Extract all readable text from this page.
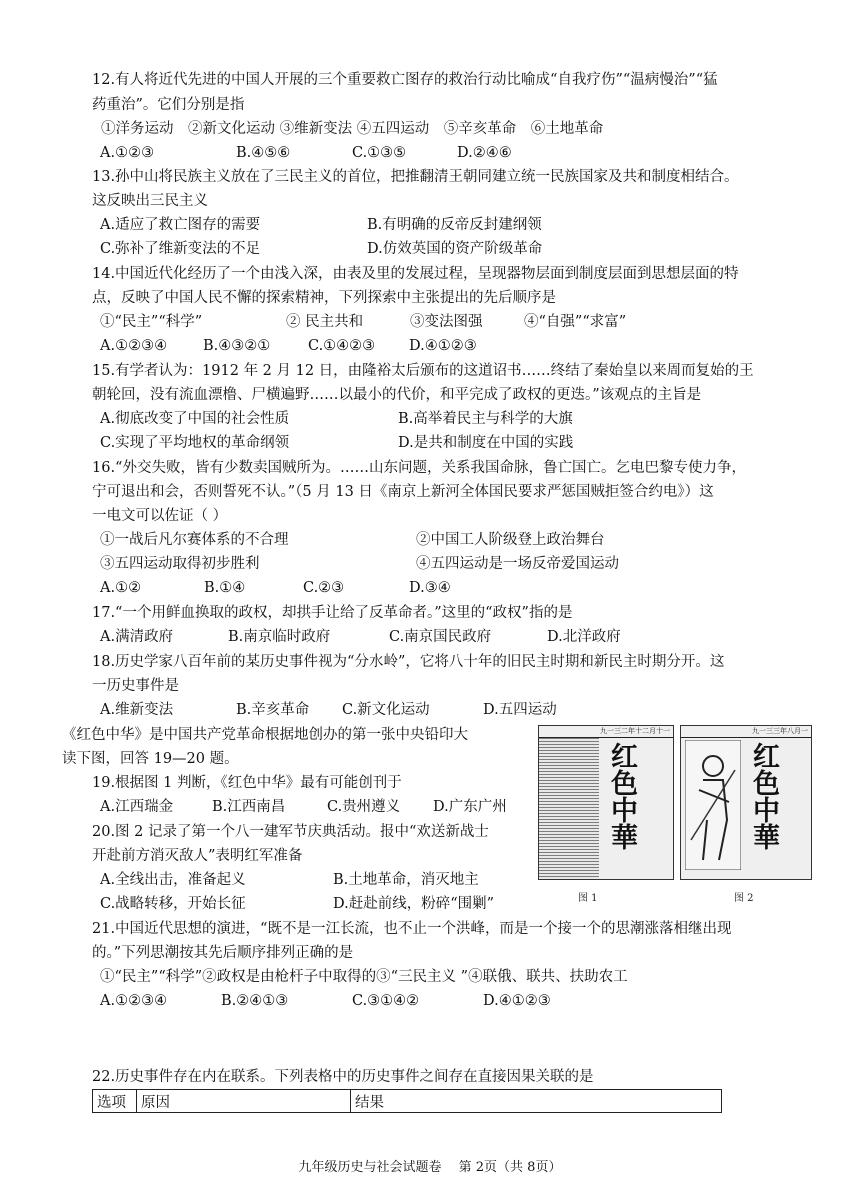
12.有人将近代先进的中国人开展的三个重要救亡图存的救治行动比喻成“自我疗伤”“温病慢治”“猛
药重治”。它们分别是指
①洋务运动　②新文化运动 ③维新变法 ④五四运动　⑤辛亥革命　⑥土地革命
A.①②③	B.④⑤⑥	C.①③⑤	D.②④⑥
13.孙中山将民族主义放在了三民主义的首位，把推翻清王朝同建立统一民族国家及共和制度相结合。
这反映出三民主义
A.适应了救亡图存的需要	B.有明确的反帝反封建纲领
C.弥补了维新变法的不足	D.仿效英国的资产阶级革命
14.中国近代化经历了一个由浅入深，由表及里的发展过程，呈现器物层面到制度层面到思想层面的特
点，反映了中国人民不懈的探索精神，下列探索中主张提出的先后顺序是
①“民主”“科学”	② 民主共和	③变法图强	④“自强”“求富”
A.①②③④ B.④③②①	C.①④②③ D.④①②③
15.有学者认为：1912 年 2 月 12 日，由隆裕太后颁布的这道诏书……终结了秦始皇以来周而复始的王
朝轮回，没有流血漂橹、尸横遍野……以最小的代价，和平完成了政权的更迭。”该观点的主旨是
A.彻底改变了中国的社会性质	B.高举着民主与科学的大旗
C.实现了平均地权的革命纲领	D.是共和制度在中国的实践
16.“外交失败，皆有少数卖国贼所为。……山东问题，关系我国命脉，鲁亡国亡。乞电巴黎专使力争，
宁可退出和会，否则誓死不认。”（5 月 13 日《南京上新河全体国民要求严惩国贼拒签合约电》）这
一电文可以佐证（ ）
①一战后凡尔赛体系的不合理	②中国工人阶级登上政治舞台
③五四运动取得初步胜利	④五四运动是一场反帝爱国运动
A.①②	B.①④	C.②③	D.③④
17.“一个用鲜血换取的政权，却拱手让给了反革命者。”这里的“政权”指的是
A.满清政府	B.南京临时政府	C.南京国民政府	D.北洋政府
18.历史学家八百年前的某历史事件视为“分水岭”，它将八十年的旧民主时期和新民主时期分开。这
一历史事件是
A.维新变法	B.辛亥革命 C.新文化运动	D.五四运动
《红色中华》是中国共产党革命根据地创办的第一张中央铅印大
读下图，回答 19—20 题。
19.根据图 1 判断，《红色中华》最有可能创刊于
A.江西瑞金	B.江西南昌	C.贵州遵义 D.广东广州
20.图 2 记录了第一个八一建军节庆典活动。报中“欢送新战士
开赴前方消灭敌人”表明红军准备
A.全线出击，准备起义	B.土地革命，消灭地主
C.战略转移，开始长征	D.赶赴前线，粉碎“围剿”
九一三二年十二月十一
红色中華
九一三三年八月一
红色中華
图 1	图 2
21.中国近代思想的演进，“既不是一江长流，也不止一个洪峰，而是一个接一个的思潮涨落相继出现
的。”下列思潮按其先后顺序排列正确的是
①“民主”“科学”②政权是由枪杆子中取得的③“三民主义 ”④联俄、联共、扶助农工
A.①②③④	B.②④①③	C.③①④②	D.④①②③
22.历史事件存在内在联系。下列表格中的历史事件之间存在直接因果关联的是
选项	原因	结果
九年级历史与社会试题卷　 第 2页（共 8页）
